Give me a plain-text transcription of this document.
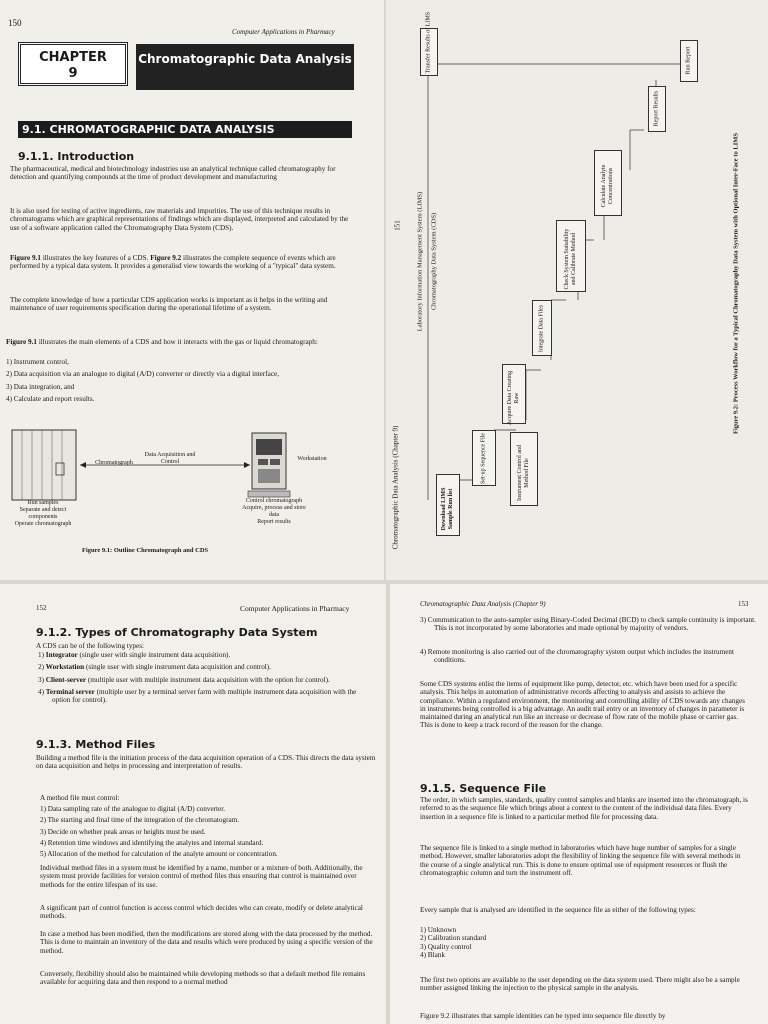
150
Computer Applications in Pharmacy
CHAPTER
9
Chromatographic Data Analysis
9.1. CHROMATOGRAPHIC DATA ANALYSIS
9.1.1. Introduction

The pharmaceutical, medical and biotechnology industries use an analytical technique called chromatography for detection and quantifying compounds at the time of product development and manufacturing

It is also used for testing of active ingredients, raw materials and impurities. The use of this technique results in chromatograms which are graphical representations of findings which are displayed, interpreted and calculated by the use of a software application called the Chromatography Data System (CDS).

Figure 9.1 illustrates the key features of a CDS. Figure 9.2 illustrates the complete sequence of events which are performed by a typical data system. It provides a generalisd view towards the working of a "typical" data system.

The complete knowledge of how a particular CDS application works is important as it helps in the writing and maintenance of user requirements specification during the operational lifetime of a system.

Figure 9.1 illustrates the main elements of a CDS and how it interacts with the gas or liquid chromatograph:

1) Instrument control,
2) Data acquisition via an analogue to digital (A/D) converter or directly via a digital interface,
3) Data integration, and
4) Calculate and report results.
Chromatograph
Data Acquisition and Control	Workstation
Run samples
Separate and detect components
Operate chromatograph
Control chromatograph
Acquire, process and store data
Report results
Figure 9.1: Outline Chromatograph and CDS
Transfer Results of LIMS	Run Report
Report Results
Calculate Analyte Concentrations
Check System Suitability and Calibrate Method
Integrate Data Files
Acquire Data Creating Raw
Set-up Sequence File	Instrument Control and Method File
Download LIMS Sample Run list
Laboratory Information Management System (LIMS) Chromatography Data System (CDS)
Chromatographic Data Analysis (Chapter 9)
151	Figure 9.2: Process Workflow for a Typical Chromatography Data System with Optional Inter-Face to LIMS
152	Computer Applications in Pharmacy
9.1.2. Types of Chromatography Data System

A CDS can be of the following types:

1) Integrator (single user with single instrument data acquisition).
2) Workstation (single user with single instrument data acquisition and control).
3) Client-server (multiple user with multiple instrument data acquisition with the option for control).
4) Terminal server (multiple user by a terminal server farm with multiple instrument data acquisition with the option for control).
9.1.3. Method Files

Building a method file is the initiation process of the data acquisition operation of a CDS. This directs the data system on data acquisition and helps in processing and interpretation of results.

A method file must control:

1) Data sampling rate of the analogue to digital (A/D) converter.
2) The starting and final time of the integration of the chromatogram.
3) Decide on whether peak areas or heights must be used.
4) Retention time windows and identifying the analytes and internal standard.
5) Allocation of the method for calculation of the analyte amount or concentration.

Individual method files in a system must be identified by a name, number or a mixture of both. Additionally, the system must provide facilities for version control of method files thus ensuring that control is maintained over methods for the entire lifespan of its use.

A significant part of control function is access control which decides who can create, modify or delete analytical methods.

In case a method has been modified, then the modifications are stored along with the data processed by the method. This is done to maintain an inventory of the data and results which were produced by using a specific version of the method.

Conversely, flexibility should also be maintained while developing methods so that a default method file remains available for acquiring data and then respond to a normal method

Chromatographic Data Analysis (Chapter 9)	153
3) Communication to the auto-sampler using Binary-Coded Decimal (BCD) to check sample continuity is important. This is not incorporated by some laboratories and made optional by majority of vendors.
4) Remote monitoring is also carried out of the chromatography system output which includes the instrument conditions.

Some CDS systems enlist the items of equipment like pump, detector, etc. which have been used for a specific analysis. This helps in automation of administrative records affecting to analysis and assists to achieve the compliance. Within a regulated environment, the monitoring and controlling ability of CDS towards any changes in instruments being controlled is a big advantage. An audit trail entry or an inventory of changes in parameter is maintained during an analytical run like an increase or decrease of flow rate of the mobile phase or carrier gas. This is done to keep a track record of the reason for the change.

9.1.5. Sequence File

The order, in which samples, standards, quality control samples and blanks are inserted into the chromatograph, is referred to as the sequence file which brings about a context to the content of the individual data files. Every insertion in a sequence file is linked to a particular method file for processing data.

The sequence file is linked to a single method in laboratories which have huge number of samples for a single method. However, smaller laboratories adopt the flexibility of linking the sequence file with several methods in the course of a single analytical run. This is done to ensure optimal use of equipment resources or flush the chromatographic column and turn the instrument off.

Every sample that is analysed are identified in the sequence file as either of the following types:

1) Unknown
2) Calibration standard
3) Quality control
4) Blank

The first two options are available to the user depending on the data system used. There might also be a sample number assigned linking the injection to the physical sample in the analysis.

Figure 9.2 illustrates that sample identities can be typed into sequence file directly by
